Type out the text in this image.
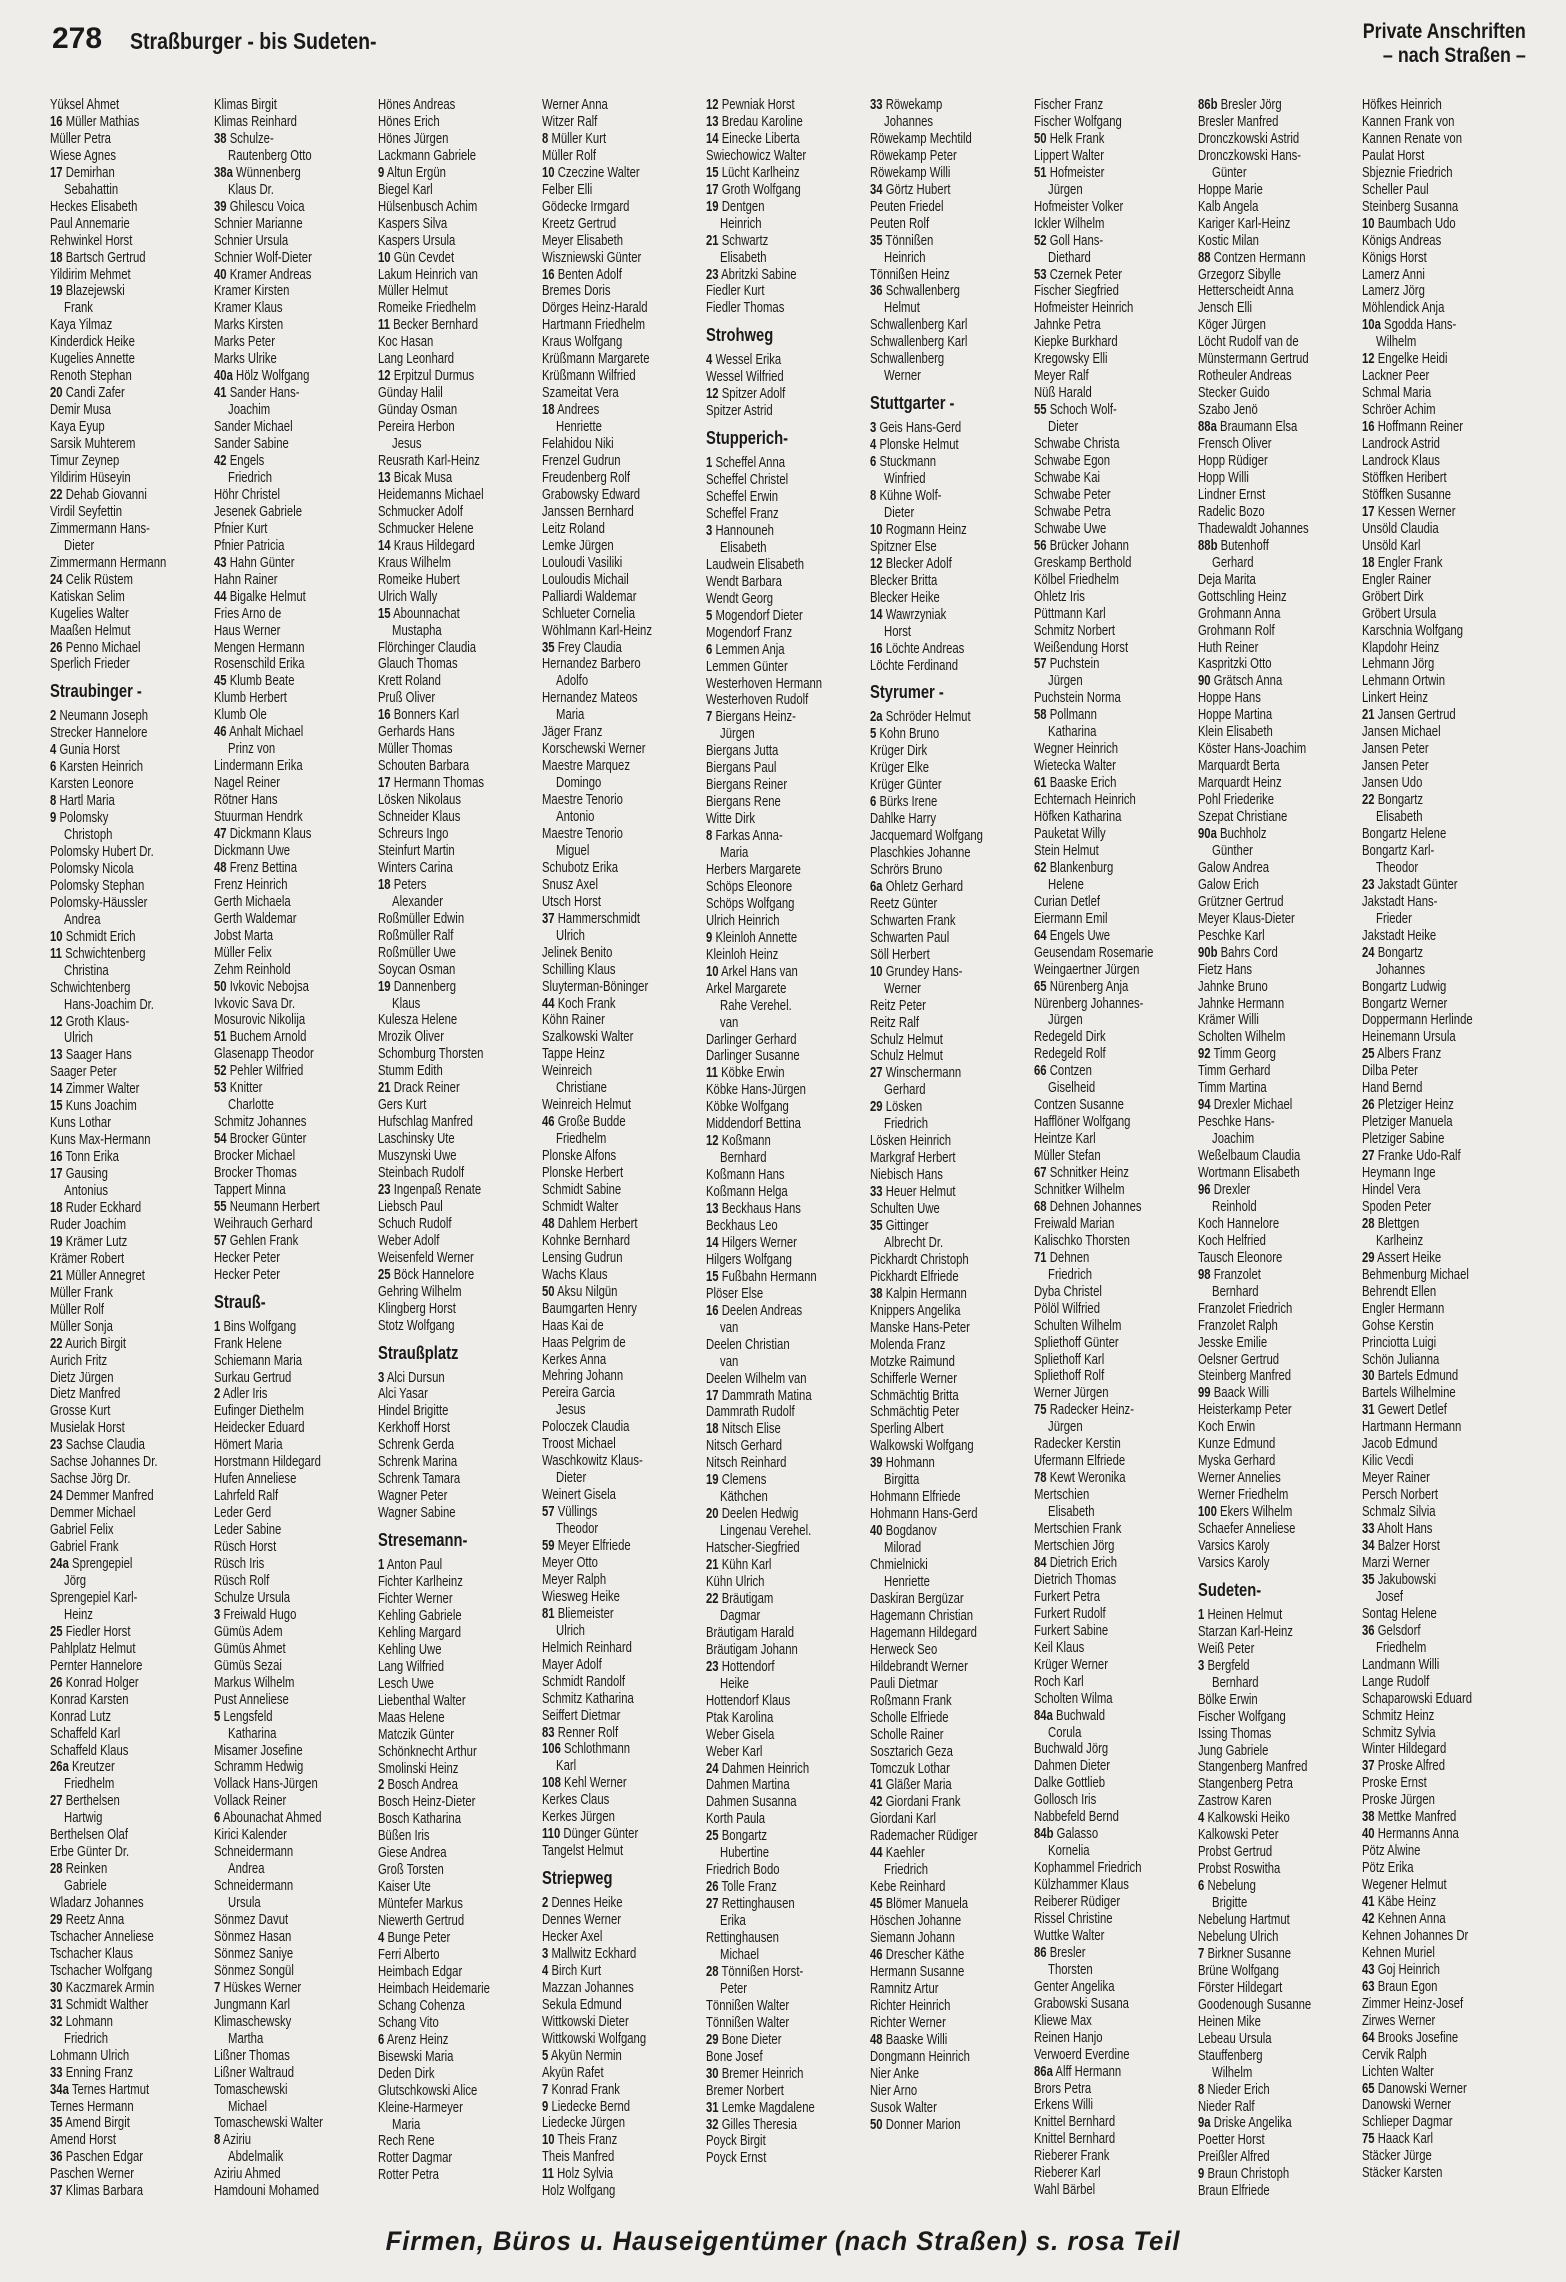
278 Straßburger - bis Sudeten-	Private Anschriften
– nach Straßen –
Yüksel Ahmet
16 Müller Mathias
Müller Petra
Wiese Agnes
17 Demirhan
Sebahattin
Heckes Elisabeth
Paul Annemarie
Rehwinkel Horst
18 Bartsch Gertrud
Yildirim Mehmet
19 Blazejewski
Frank
Kaya Yilmaz
Kinderdick Heike
Kugelies Annette
Renoth Stephan
20 Candi Zafer
Demir Musa
Kaya Eyup
Sarsik Muhterem
Timur Zeynep
Yildirim Hüseyin
22 Dehab Giovanni
Virdil Seyfettin
Zimmermann Hans-
Dieter
Zimmermann Hermann
24 Celik Rüstem
Katiskan Selim
Kugelies Walter
Maaßen Helmut
26 Penno Michael
Sperlich Frieder
Straubinger -
2 Neumann Joseph
Strecker Hannelore
4 Gunia Horst
6 Karsten Heinrich
Karsten Leonore
8 Hartl Maria
9 Polomsky
Christoph
Polomsky Hubert Dr.
Polomsky Nicola
Polomsky Stephan
Polomsky-Häussler
Andrea
10 Schmidt Erich
11 Schwichtenberg
Christina
Schwichtenberg
Hans-Joachim Dr.
12 Groth Klaus-
Ulrich
13 Saager Hans
Saager Peter
14 Zimmer Walter
15 Kuns Joachim
Kuns Lothar
Kuns Max-Hermann
16 Tonn Erika
17 Gausing
Antonius
18 Ruder Eckhard
Ruder Joachim
19 Krämer Lutz
Krämer Robert
21 Müller Annegret
Müller Frank
Müller Rolf
Müller Sonja
22 Aurich Birgit
Aurich Fritz
Dietz Jürgen
Dietz Manfred
Grosse Kurt
Musielak Horst
23 Sachse Claudia
Sachse Johannes Dr.
Sachse Jörg Dr.
24 Demmer Manfred
Demmer Michael
Gabriel Felix
Gabriel Frank
24a Sprengepiel
Jörg
Sprengepiel Karl-
Heinz
25 Fiedler Horst
Pahlplatz Helmut
Pernter Hannelore
26 Konrad Holger
Konrad Karsten
Konrad Lutz
Schaffeld Karl
Schaffeld Klaus
26a Kreutzer
Friedhelm
27 Berthelsen
Hartwig
Berthelsen Olaf
Erbe Günter Dr.
28 Reinken
Gabriele
Wladarz Johannes
29 Reetz Anna
Tschacher Anneliese
Tschacher Klaus
Tschacher Wolfgang
30 Kaczmarek Armin
31 Schmidt Walther
32 Lohmann
Friedrich
Lohmann Ulrich
33 Enning Franz
34a Ternes Hartmut
Ternes Hermann
35 Amend Birgit
Amend Horst
36 Paschen Edgar
Paschen Werner
37 Klimas Barbara
Klimas Birgit
Klimas Reinhard
38 Schulze-
Rautenberg Otto
38a Wünnenberg
Klaus Dr.
39 Ghilescu Voica
Schnier Marianne
Schnier Ursula
Schnier Wolf-Dieter
40 Kramer Andreas
Kramer Kirsten
Kramer Klaus
Marks Kirsten
Marks Peter
Marks Ulrike
40a Hölz Wolfgang
41 Sander Hans-
Joachim
Sander Michael
Sander Sabine
42 Engels
Friedrich
Höhr Christel
Jesenek Gabriele
Pfnier Kurt
Pfnier Patricia
43 Hahn Günter
Hahn Rainer
44 Bigalke Helmut
Fries Arno de
Haus Werner
Mengen Hermann
Rosenschild Erika
45 Klumb Beate
Klumb Herbert
Klumb Ole
46 Anhalt Michael
Prinz von
Lindermann Erika
Nagel Reiner
Rötner Hans
Stuurman Hendrk
47 Dickmann Klaus
Dickmann Uwe
48 Frenz Bettina
Frenz Heinrich
Gerth Michaela
Gerth Waldemar
Jobst Marta
Müller Felix
Zehm Reinhold
50 Ivkovic Nebojsa
Ivkovic Sava Dr.
Mosurovic Nikolija
51 Buchem Arnold
Glasenapp Theodor
52 Pehler Wilfried
53 Knitter
Charlotte
Schmitz Johannes
54 Brocker Günter
Brocker Michael
Brocker Thomas
Tappert Minna
55 Neumann Herbert
Weihrauch Gerhard
57 Gehlen Frank
Hecker Peter
Hecker Peter
Strauß-
1 Bins Wolfgang
Frank Helene
Schiemann Maria
Surkau Gertrud
2 Adler Iris
Eufinger Diethelm
Heidecker Eduard
Hömert Maria
Horstmann Hildegard
Hufen Anneliese
Lahrfeld Ralf
Leder Gerd
Leder Sabine
Rüsch Horst
Rüsch Iris
Rüsch Rolf
Schulze Ursula
3 Freiwald Hugo
Gümüs Adem
Gümüs Ahmet
Gümüs Sezai
Markus Wilhelm
Pust Anneliese
5 Lengsfeld
Katharina
Misamer Josefine
Schramm Hedwig
Vollack Hans-Jürgen
Vollack Reiner
6 Abounachat Ahmed
Kirici Kalender
Schneidermann
Andrea
Schneidermann
Ursula
Sönmez Davut
Sönmez Hasan
Sönmez Saniye
Sönmez Songül
7 Hüskes Werner
Jungmann Karl
Klimaschewsky
Martha
Lißner Thomas
Lißner Waltraud
Tomaschewski
Michael
Tomaschewski Walter
8 Aziriu
Abdelmalik
Aziriu Ahmed
Hamdouni Mohamed
Hönes Andreas
Hönes Erich
Hönes Jürgen
Lackmann Gabriele
9 Altun Ergün
Biegel Karl
Hülsenbusch Achim
Kaspers Silva
Kaspers Ursula
10 Gün Cevdet
Lakum Heinrich van
Müller Helmut
Romeike Friedhelm
11 Becker Bernhard
Koc Hasan
Lang Leonhard
12 Erpitzul Durmus
Günday Halil
Günday Osman
Pereira Herbon
Jesus
Reusrath Karl-Heinz
13 Bicak Musa
Heidemanns Michael
Schmucker Adolf
Schmucker Helene
14 Kraus Hildegard
Kraus Wilhelm
Romeike Hubert
Ulrich Wally
15 Abounnachat
Mustapha
Flörchinger Claudia
Glauch Thomas
Krett Roland
Pruß Oliver
16 Bonners Karl
Gerhards Hans
Müller Thomas
Schouten Barbara
17 Hermann Thomas
Lösken Nikolaus
Schneider Klaus
Schreurs Ingo
Steinfurt Martin
Winters Carina
18 Peters
Alexander
Roßmüller Edwin
Roßmüller Ralf
Roßmüller Uwe
Soycan Osman
19 Dannenberg
Klaus
Kulesza Helene
Mrozik Oliver
Schomburg Thorsten
Stumm Edith
21 Drack Reiner
Gers Kurt
Hufschlag Manfred
Laschinsky Ute
Muszynski Uwe
Steinbach Rudolf
23 Ingenpaß Renate
Liebsch Paul
Schuch Rudolf
Weber Adolf
Weisenfeld Werner
25 Böck Hannelore
Gehring Wilhelm
Klingberg Horst
Stotz Wolfgang
Straußplatz
3 Alci Dursun
Alci Yasar
Hindel Brigitte
Kerkhoff Horst
Schrenk Gerda
Schrenk Marina
Schrenk Tamara
Wagner Peter
Wagner Sabine
Stresemann-
1 Anton Paul
Fichter Karlheinz
Fichter Werner
Kehling Gabriele
Kehling Margard
Kehling Uwe
Lang Wilfried
Lesch Uwe
Liebenthal Walter
Maas Helene
Matczik Günter
Schönknecht Arthur
Smolinski Heinz
2 Bosch Andrea
Bosch Heinz-Dieter
Bosch Katharina
Büßen Iris
Giese Andrea
Groß Torsten
Kaiser Ute
Müntefer Markus
Niewerth Gertrud
4 Bunge Peter
Ferri Alberto
Heimbach Edgar
Heimbach Heidemarie
Schang Cohenza
Schang Vito
6 Arenz Heinz
Bisewski Maria
Deden Dirk
Glutschkowski Alice
Kleine-Harmeyer
Maria
Rech Rene
Rotter Dagmar
Rotter Petra
Werner Anna
Witzer Ralf
8 Müller Kurt
Müller Rolf
10 Czeczine Walter
Felber Elli
Gödecke Irmgard
Kreetz Gertrud
Meyer Elisabeth
Wiszniewski Günter
16 Benten Adolf
Bremes Doris
Dörges Heinz-Harald
Hartmann Friedhelm
Kraus Wolfgang
Krüßmann Margarete
Krüßmann Wilfried
Szameitat Vera
18 Andrees
Henriette
Felahidou Niki
Frenzel Gudrun
Freudenberg Rolf
Grabowsky Edward
Janssen Bernhard
Leitz Roland
Lemke Jürgen
Louloudi Vasiliki
Louloudis Michail
Palliardi Waldemar
Schlueter Cornelia
Wöhlmann Karl-Heinz
35 Frey Claudia
Hernandez Barbero
Adolfo
Hernandez Mateos
Maria
Jäger Franz
Korschewski Werner
Maestre Marquez
Domingo
Maestre Tenorio
Antonio
Maestre Tenorio
Miguel
Schubotz Erika
Snusz Axel
Utsch Horst
37 Hammerschmidt
Ulrich
Jelinek Benito
Schilling Klaus
Sluyterman-Böninger
44 Koch Frank
Köhn Rainer
Szalkowski Walter
Tappe Heinz
Weinreich
Christiane
Weinreich Helmut
46 Große Budde
Friedhelm
Plonske Alfons
Plonske Herbert
Schmidt Sabine
Schmidt Walter
48 Dahlem Herbert
Kohnke Bernhard
Lensing Gudrun
Wachs Klaus
50 Aksu Nilgün
Baumgarten Henry
Haas Kai de
Haas Pelgrim de
Kerkes Anna
Mehring Johann
Pereira Garcia
Jesus
Poloczek Claudia
Troost Michael
Waschkowitz Klaus-
Dieter
Weinert Gisela
57 Vüllings
Theodor
59 Meyer Elfriede
Meyer Otto
Meyer Ralph
Wiesweg Heike
81 Bliemeister
Ulrich
Helmich Reinhard
Mayer Adolf
Schmidt Randolf
Schmitz Katharina
Seiffert Dietmar
83 Renner Rolf
106 Schlothmann
Karl
108 Kehl Werner
Kerkes Claus
Kerkes Jürgen
110 Dünger Günter
Tangelst Helmut
Striepweg
2 Dennes Heike
Dennes Werner
Hecker Axel
3 Mallwitz Eckhard
4 Birch Kurt
Mazzan Johannes
Sekula Edmund
Wittkowski Dieter
Wittkowski Wolfgang
5 Akyün Nermin
Akyün Rafet
7 Konrad Frank
9 Liedecke Bernd
Liedecke Jürgen
10 Theis Franz
Theis Manfred
11 Holz Sylvia
Holz Wolfgang
12 Pewniak Horst
13 Bredau Karoline
14 Einecke Liberta
Swiechowicz Walter
15 Lücht Karlheinz
17 Groth Wolfgang
19 Dentgen
Heinrich
21 Schwartz
Elisabeth
23 Abritzki Sabine
Fiedler Kurt
Fiedler Thomas
Strohweg
4 Wessel Erika
Wessel Wilfried
12 Spitzer Adolf
Spitzer Astrid
Stupperich-
1 Scheffel Anna
Scheffel Christel
Scheffel Erwin
Scheffel Franz
3 Hannouneh
Elisabeth
Laudwein Elisabeth
Wendt Barbara
Wendt Georg
5 Mogendorf Dieter
Mogendorf Franz
6 Lemmen Anja
Lemmen Günter
Westerhoven Hermann
Westerhoven Rudolf
7 Biergans Heinz-
Jürgen
Biergans Jutta
Biergans Paul
Biergans Reiner
Biergans Rene
Witte Dirk
8 Farkas Anna-
Maria
Herbers Margarete
Schöps Eleonore
Schöps Wolfgang
Ulrich Heinrich
9 Kleinloh Annette
Kleinloh Heinz
10 Arkel Hans van
Arkel Margarete
Rahe Verehel.
van
Darlinger Gerhard
Darlinger Susanne
11 Köbke Erwin
Köbke Hans-Jürgen
Köbke Wolfgang
Middendorf Bettina
12 Koßmann
Bernhard
Koßmann Hans
Koßmann Helga
13 Beckhaus Hans
Beckhaus Leo
14 Hilgers Werner
Hilgers Wolfgang
15 Fußbahn Hermann
Plöser Else
16 Deelen Andreas
van
Deelen Christian
van
Deelen Wilhelm van
17 Dammrath Matina
Dammrath Rudolf
18 Nitsch Elise
Nitsch Gerhard
Nitsch Reinhard
19 Clemens
Käthchen
20 Deelen Hedwig
Lingenau Verehel.
Hatscher-Siegfried
21 Kühn Karl
Kühn Ulrich
22 Bräutigam
Dagmar
Bräutigam Harald
Bräutigam Johann
23 Hottendorf
Heike
Hottendorf Klaus
Ptak Karolina
Weber Gisela
Weber Karl
24 Dahmen Heinrich
Dahmen Martina
Dahmen Susanna
Korth Paula
25 Bongartz
Hubertine
Friedrich Bodo
26 Tolle Franz
27 Rettinghausen
Erika
Rettinghausen
Michael
28 Tönnißen Horst-
Peter
Tönnißen Walter
Tönnißen Walter
29 Bone Dieter
Bone Josef
30 Bremer Heinrich
Bremer Norbert
31 Lemke Magdalene
32 Gilles Theresia
Poyck Birgit
Poyck Ernst
33 Röwekamp
Johannes
Röwekamp Mechtild
Röwekamp Peter
Röwekamp Willi
34 Görtz Hubert
Peuten Friedel
Peuten Rolf
35 Tönnißen
Heinrich
Tönnißen Heinz
36 Schwallenberg
Helmut
Schwallenberg Karl
Schwallenberg Karl
Schwallenberg
Werner
Stuttgarter -
3 Geis Hans-Gerd
4 Plonske Helmut
6 Stuckmann
Winfried
8 Kühne Wolf-
Dieter
10 Rogmann Heinz
Spitzner Else
12 Blecker Adolf
Blecker Britta
Blecker Heike
14 Wawrzyniak
Horst
16 Löchte Andreas
Löchte Ferdinand
Styrumer -
2a Schröder Helmut
5 Kohn Bruno
Krüger Dirk
Krüger Elke
Krüger Günter
6 Bürks Irene
Dahlke Harry
Jacquemard Wolfgang
Plaschkies Johanne
Schrörs Bruno
6a Ohletz Gerhard
Reetz Günter
Schwarten Frank
Schwarten Paul
Söll Herbert
10 Grundey Hans-
Werner
Reitz Peter
Reitz Ralf
Schulz Helmut
Schulz Helmut
27 Winschermann
Gerhard
29 Lösken
Friedrich
Lösken Heinrich
Markgraf Herbert
Niebisch Hans
33 Heuer Helmut
Schulten Uwe
35 Gittinger
Albrecht Dr.
Pickhardt Christoph
Pickhardt Elfriede
38 Kalpin Hermann
Knippers Angelika
Manske Hans-Peter
Molenda Franz
Motzke Raimund
Schifferle Werner
Schmächtig Britta
Schmächtig Peter
Sperling Albert
Walkowski Wolfgang
39 Hohmann
Birgitta
Hohmann Elfriede
Hohmann Hans-Gerd
40 Bogdanov
Milorad
Chmielnicki
Henriette
Daskiran Bergüzar
Hagemann Christian
Hagemann Hildegard
Herweck Seo
Hildebrandt Werner
Pauli Dietmar
Roßmann Frank
Scholle Elfriede
Scholle Rainer
Sosztarich Geza
Tomczuk Lothar
41 Gläßer Maria
42 Giordani Frank
Giordani Karl
Rademacher Rüdiger
44 Kaehler
Friedrich
Kebe Reinhard
45 Blömer Manuela
Höschen Johanne
Siemann Johann
46 Drescher Käthe
Hermann Susanne
Ramnitz Artur
Richter Heinrich
Richter Werner
48 Baaske Willi
Dongmann Heinrich
Nier Anke
Nier Arno
Susok Walter
50 Donner Marion
Fischer Franz
Fischer Wolfgang
50 Helk Frank
Lippert Walter
51 Hofmeister
Jürgen
Hofmeister Volker
Ickler Wilhelm
52 Goll Hans-
Diethard
53 Czernek Peter
Fischer Siegfried
Hofmeister Heinrich
Jahnke Petra
Kiepke Burkhard
Kregowsky Elli
Meyer Ralf
Nüß Harald
55 Schoch Wolf-
Dieter
Schwabe Christa
Schwabe Egon
Schwabe Kai
Schwabe Peter
Schwabe Petra
Schwabe Uwe
56 Brücker Johann
Greskamp Berthold
Kölbel Friedhelm
Ohletz Iris
Püttmann Karl
Schmitz Norbert
Weißendung Horst
57 Puchstein
Jürgen
Puchstein Norma
58 Pollmann
Katharina
Wegner Heinrich
Wietecka Walter
61 Baaske Erich
Echternach Heinrich
Höfken Katharina
Pauketat Willy
Stein Helmut
62 Blankenburg
Helene
Curian Detlef
Eiermann Emil
64 Engels Uwe
Geusendam Rosemarie
Weingaertner Jürgen
65 Nürenberg Anja
Nürenberg Johannes-
Jürgen
Redegeld Dirk
Redegeld Rolf
66 Contzen
Giselheid
Contzen Susanne
Hafflöner Wolfgang
Heintze Karl
Müller Stefan
67 Schnitker Heinz
Schnitker Wilhelm
68 Dehnen Johannes
Freiwald Marian
Kalischko Thorsten
71 Dehnen
Friedrich
Dyba Christel
Pölöl Wilfried
Schulten Wilhelm
Spliethoff Günter
Spliethoff Karl
Spliethoff Rolf
Werner Jürgen
75 Radecker Heinz-
Jürgen
Radecker Kerstin
Ufermann Elfriede
78 Kewt Weronika
Mertschien
Elisabeth
Mertschien Frank
Mertschien Jörg
84 Dietrich Erich
Dietrich Thomas
Furkert Petra
Furkert Rudolf
Furkert Sabine
Keil Klaus
Krüger Werner
Roch Karl
Scholten Wilma
84a Buchwald
Corula
Buchwald Jörg
Dahmen Dieter
Dalke Gottlieb
Gollosch Iris
Nabbefeld Bernd
84b Galasso
Kornelia
Kophammel Friedrich
Külzhammer Klaus
Reiberer Rüdiger
Rissel Christine
Wuttke Walter
86 Bresler
Thorsten
Genter Angelika
Grabowski Susana
Kliewe Max
Reinen Hanjo
Verwoerd Everdine
86a Alff Hermann
Brors Petra
Erkens Willi
Knittel Bernhard
Knittel Bernhard
Rieberer Frank
Rieberer Karl
Wahl Bärbel
86b Bresler Jörg
Bresler Manfred
Dronczkowski Astrid
Dronczkowski Hans-
Günter
Hoppe Marie
Kalb Angela
Kariger Karl-Heinz
Kostic Milan
88 Contzen Hermann
Grzegorz Sibylle
Hetterscheidt Anna
Jensch Elli
Köger Jürgen
Löcht Rudolf van de
Münstermann Gertrud
Rotheuler Andreas
Stecker Guido
Szabo Jenö
88a Braumann Elsa
Frensch Oliver
Hopp Rüdiger
Hopp Willi
Lindner Ernst
Radelic Bozo
Thadewaldt Johannes
88b Butenhoff
Gerhard
Deja Marita
Gottschling Heinz
Grohmann Anna
Grohmann Rolf
Huth Reiner
Kaspritzki Otto
90 Grätsch Anna
Hoppe Hans
Hoppe Martina
Klein Elisabeth
Köster Hans-Joachim
Marquardt Berta
Marquardt Heinz
Pohl Friederike
Szepat Christiane
90a Buchholz
Günther
Galow Andrea
Galow Erich
Grützner Gertrud
Meyer Klaus-Dieter
Peschke Karl
90b Bahrs Cord
Fietz Hans
Jahnke Bruno
Jahnke Hermann
Krämer Willi
Scholten Wilhelm
92 Timm Georg
Timm Gerhard
Timm Martina
94 Drexler Michael
Peschke Hans-
Joachim
Weßelbaum Claudia
Wortmann Elisabeth
96 Drexler
Reinhold
Koch Hannelore
Koch Helfried
Tausch Eleonore
98 Franzolet
Bernhard
Franzolet Friedrich
Franzolet Ralph
Jesske Emilie
Oelsner Gertrud
Steinberg Manfred
99 Baack Willi
Heisterkamp Peter
Koch Erwin
Kunze Edmund
Myska Gerhard
Werner Annelies
Werner Friedhelm
100 Ekers Wilhelm
Schaefer Anneliese
Varsics Karoly
Varsics Karoly
Sudeten-
1 Heinen Helmut
Starzan Karl-Heinz
Weiß Peter
3 Bergfeld
Bernhard
Bölke Erwin
Fischer Wolfgang
Issing Thomas
Jung Gabriele
Stangenberg Manfred
Stangenberg Petra
Zastrow Karen
4 Kalkowski Heiko
Kalkowski Peter
Probst Gertrud
Probst Roswitha
6 Nebelung
Brigitte
Nebelung Hartmut
Nebelung Ulrich
7 Birkner Susanne
Brüne Wolfgang
Förster Hildegart
Goodenough Susanne
Heinen Mike
Lebeau Ursula
Stauffenberg
Wilhelm
8 Nieder Erich
Nieder Ralf
9a Driske Angelika
Poetter Horst
Preißler Alfred
9 Braun Christoph
Braun Elfriede
Höfkes Heinrich
Kannen Frank von
Kannen Renate von
Paulat Horst
Sbjeznie Friedrich
Scheller Paul
Steinberg Susanna
10 Baumbach Udo
Königs Andreas
Königs Horst
Lamerz Anni
Lamerz Jörg
Möhlendick Anja
10a Sgodda Hans-
Wilhelm
12 Engelke Heidi
Lackner Peer
Schmal Maria
Schröer Achim
16 Hoffmann Reiner
Landrock Astrid
Landrock Klaus
Stöffken Heribert
Stöffken Susanne
17 Kessen Werner
Unsöld Claudia
Unsöld Karl
18 Engler Frank
Engler Rainer
Gröbert Dirk
Gröbert Ursula
Karschnia Wolfgang
Klapdohr Heinz
Lehmann Jörg
Lehmann Ortwin
Linkert Heinz
21 Jansen Gertrud
Jansen Michael
Jansen Peter
Jansen Peter
Jansen Udo
22 Bongartz
Elisabeth
Bongartz Helene
Bongartz Karl-
Theodor
23 Jakstadt Günter
Jakstadt Hans-
Frieder
Jakstadt Heike
24 Bongartz
Johannes
Bongartz Ludwig
Bongartz Werner
Doppermann Herlinde
Heinemann Ursula
25 Albers Franz
Dilba Peter
Hand Bernd
26 Pletziger Heinz
Pletziger Manuela
Pletziger Sabine
27 Franke Udo-Ralf
Heymann Inge
Hindel Vera
Spoden Peter
28 Blettgen
Karlheinz
29 Assert Heike
Behmenburg Michael
Behrendt Ellen
Engler Hermann
Gohse Kerstin
Princiotta Luigi
Schön Julianna
30 Bartels Edmund
Bartels Wilhelmine
31 Gewert Detlef
Hartmann Hermann
Jacob Edmund
Kilic Vecdi
Meyer Rainer
Persch Norbert
Schmalz Silvia
33 Aholt Hans
34 Balzer Horst
Marzi Werner
35 Jakubowski
Josef
Sontag Helene
36 Gelsdorf
Friedhelm
Landmann Willi
Lange Rudolf
Schaparowski Eduard
Schmitz Heinz
Schmitz Sylvia
Winter Hildegard
37 Proske Alfred
Proske Ernst
Proske Jürgen
38 Mettke Manfred
40 Hermanns Anna
Pötz Alwine
Pötz Erika
Wegener Helmut
41 Käbe Heinz
42 Kehnen Anna
Kehnen Johannes Dr
Kehnen Muriel
43 Goj Heinrich
63 Braun Egon
Zimmer Heinz-Josef
Zirwes Werner
64 Brooks Josefine
Cervik Ralph
Lichten Walter
65 Danowski Werner
Danowski Werner
Schlieper Dagmar
75 Haack Karl
Stäcker Jürge
Stäcker Karsten
Firmen, Büros u. Hauseigentümer (nach Straßen) s. rosa Teil
